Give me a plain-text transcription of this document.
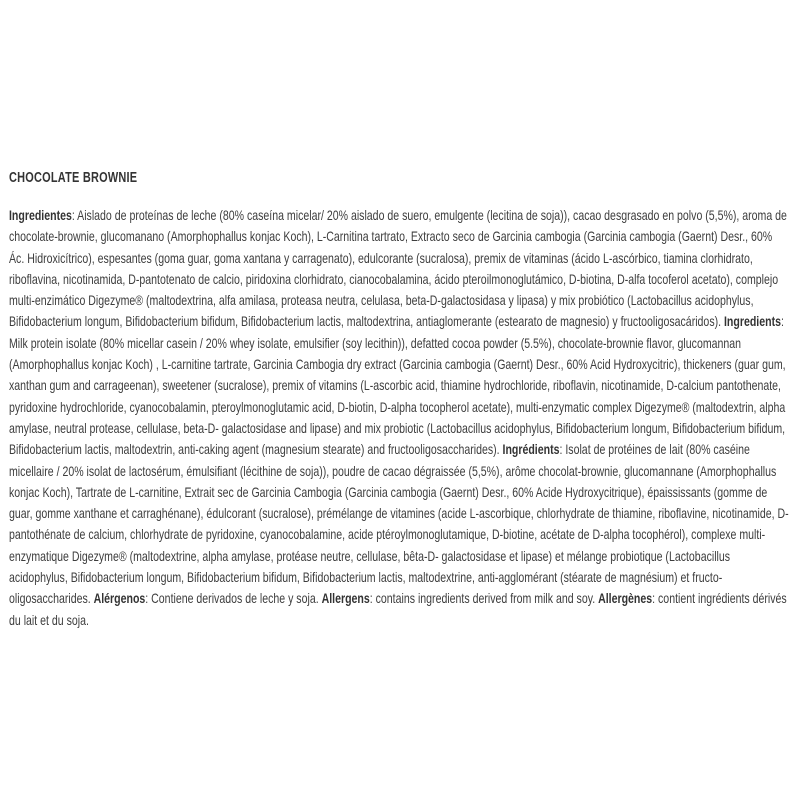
CHOCOLATE BROWNIE

Ingredientes: Aislado de proteínas de leche (80% caseína micelar/ 20% aislado de suero, emulgente (lecitina de soja)), cacao desgrasado en polvo (5,5%), aroma de chocolate-brownie, glucomanano (Amorphophallus konjac Koch), L-Carnitina tartrato, Extracto seco de Garcinia cambogia (Garcinia cambogia (Gaernt) Desr., 60% Ác. Hidroxicítrico), espesantes (goma guar, goma xantana y carragenato), edulcorante (sucralosa), premix de vitaminas (ácido L-ascórbico, tiamina clorhidrato, riboflavina, nicotinamida, D-pantotenato de calcio, piridoxina clorhidrato, cianocobalamina, ácido pteroilmonoglutámico, D-biotina, D-alfa tocoferol acetato), complejo multi-enzimático Digezyme® (maltodextrina, alfa amilasa, proteasa neutra, celulasa, beta-D-galactosidasa y lipasa) y mix probiótico (Lactobacillus acidophylus, Bifidobacterium longum, Bifidobacterium bifidum, Bifidobacterium lactis, maltodextrina, antiaglomerante (estearato de magnesio) y fructooligosacáridos). Ingredients: Milk protein isolate (80% micellar casein / 20% whey isolate, emulsifier (soy lecithin)), defatted cocoa powder (5.5%), chocolate-brownie flavor, glucomannan (Amorphophallus konjac Koch) , L-carnitine tartrate, Garcinia Cambogia dry extract (Garcinia cambogia (Gaernt) Desr., 60% Acid Hydroxycitric), thickeners (guar gum, xanthan gum and carrageenan), sweetener (sucralose), premix of vitamins (L-ascorbic acid, thiamine hydrochloride, riboflavin, nicotinamide, D-calcium pantothenate, pyridoxine hydrochloride, cyanocobalamin, pteroylmonoglutamic acid, D-biotin, D-alpha tocopherol acetate), multi-enzymatic complex Digezyme® (maltodextrin, alpha amylase, neutral protease, cellulase, beta-D- galactosidase and lipase) and mix probiotic (Lactobacillus acidophylus, Bifidobacterium longum, Bifidobacterium bifidum, Bifidobacterium lactis, maltodextrin, anti-caking agent (magnesium stearate) and fructooligosaccharides). Ingrédients: Isolat de protéines de lait (80% caséine micellaire / 20% isolat de lactosérum, émulsifiant (lécithine de soja)), poudre de cacao dégraissée (5,5%), arôme chocolat-brownie, glucomannane (Amorphophallus konjac Koch), Tartrate de L-carnitine, Extrait sec de Garcinia Cambogia (Garcinia cambogia (Gaernt) Desr., 60% Acide Hydroxycitrique), épaississants (gomme de guar, gomme xanthane et carraghénane), édulcorant (sucralose), prémélange de vitamines (acide L-ascorbique, chlorhydrate de thiamine, riboflavine, nicotinamide, D- pantothénate de calcium, chlorhydrate de pyridoxine, cyanocobalamine, acide ptéroylmonoglutamique, D-biotine, acétate de D-alpha tocophérol), complexe multi-enzymatique Digezyme® (maltodextrine, alpha amylase, protéase neutre, cellulase, bêta-D- galactosidase et lipase) et mélange probiotique (Lactobacillus acidophylus, Bifidobacterium longum, Bifidobacterium bifidum, Bifidobacterium lactis, maltodextrine, anti-agglomérant (stéarate de magnésium) et fructo-oligosaccharides. Alérgenos: Contiene derivados de leche y soja. Allergens: contains ingredients derived from milk and soy. Allergènes: contient ingrédients dérivés du lait et du soja.
